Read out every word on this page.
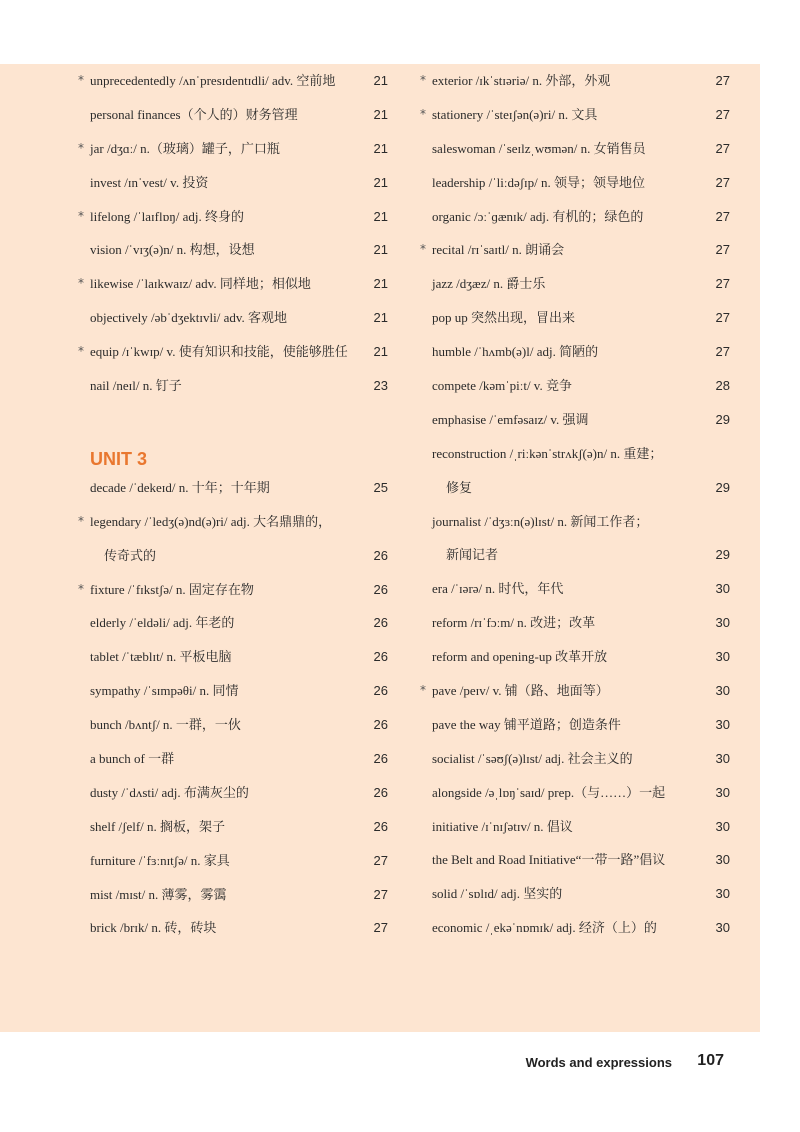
* unprecedentedly /ʌnˈpresɪdentɪdli/ adv. 空前地	21
personal finances（个人的）财务管理	21
* jar /dʒɑː/ n.（玻璃）罐子，广口瓶	21
invest /ɪnˈvest/ v. 投资	21
* lifelong /ˈlaɪflɒŋ/ adj. 终身的	21
vision /ˈvɪʒ(ə)n/ n. 构想，设想	21
* likewise /ˈlaɪkwaɪz/ adv. 同样地；相似地	21
objectively /əbˈdʒektɪvli/ adv. 客观地	21
* equip /ɪˈkwɪp/ v. 使有知识和技能，使能够胜任	21
nail /neɪl/ n. 钉子	23
UNIT 3
decade /ˈdekeɪd/ n. 十年；十年期	25
* legendary /ˈledʒ(ə)nd(ə)ri/ adj. 大名鼎鼎的，
传奇式的	26
* fixture /ˈfɪkstʃə/ n. 固定存在物	26
elderly /ˈeldəli/ adj. 年老的	26
tablet /ˈtæblɪt/ n. 平板电脑	26
sympathy /ˈsɪmpəθi/ n. 同情	26
bunch /bʌntʃ/ n. 一群，一伙	26
a bunch of 一群	26
dusty /ˈdʌsti/ adj. 布满灰尘的	26
shelf /ʃelf/ n. 搁板，架子	26
furniture /ˈfɜːnɪtʃə/ n. 家具	27
mist /mɪst/ n. 薄雾，雾霭	27
brick /brɪk/ n. 砖，砖块	27
* exterior /ɪkˈstɪəriə/ n. 外部，外观	27
* stationery /ˈsteɪʃən(ə)ri/ n. 文具	27
saleswoman /ˈseɪlzˌwʊmən/ n. 女销售员	27
leadership /ˈliːdəʃɪp/ n. 领导；领导地位	27
organic /ɔːˈɡænɪk/ adj. 有机的；绿色的	27
* recital /rɪˈsaɪtl/ n. 朗诵会	27
jazz /dʒæz/ n. 爵士乐	27
pop up 突然出现，冒出来	27
humble /ˈhʌmb(ə)l/ adj. 简陋的	27
compete /kəmˈpiːt/ v. 竞争	28
emphasise /ˈemfəsaɪz/ v. 强调	29
reconstruction /ˌriːkənˈstrʌkʃ(ə)n/ n. 重建；
修复	29
journalist /ˈdʒɜːn(ə)lɪst/ n. 新闻工作者；
新闻记者	29
era /ˈɪərə/ n. 时代，年代	30
reform /rɪˈfɔːm/ n. 改进；改革	30
reform and opening-up 改革开放	30
* pave /peɪv/ v. 铺（路、地面等）	30
pave the way 铺平道路；创造条件	30
socialist /ˈsəʊʃ(ə)lɪst/ adj. 社会主义的	30
alongside /əˌlɒŋˈsaɪd/ prep.（与……）一起	30
initiative /ɪˈnɪʃətɪv/ n. 倡议	30
the Belt and Road Initiative“一带一路”倡议	30
solid /ˈsɒlɪd/ adj. 坚实的	30
economic /ˌekəˈnɒmɪk/ adj. 经济（上）的	30
Words and expressions 107
